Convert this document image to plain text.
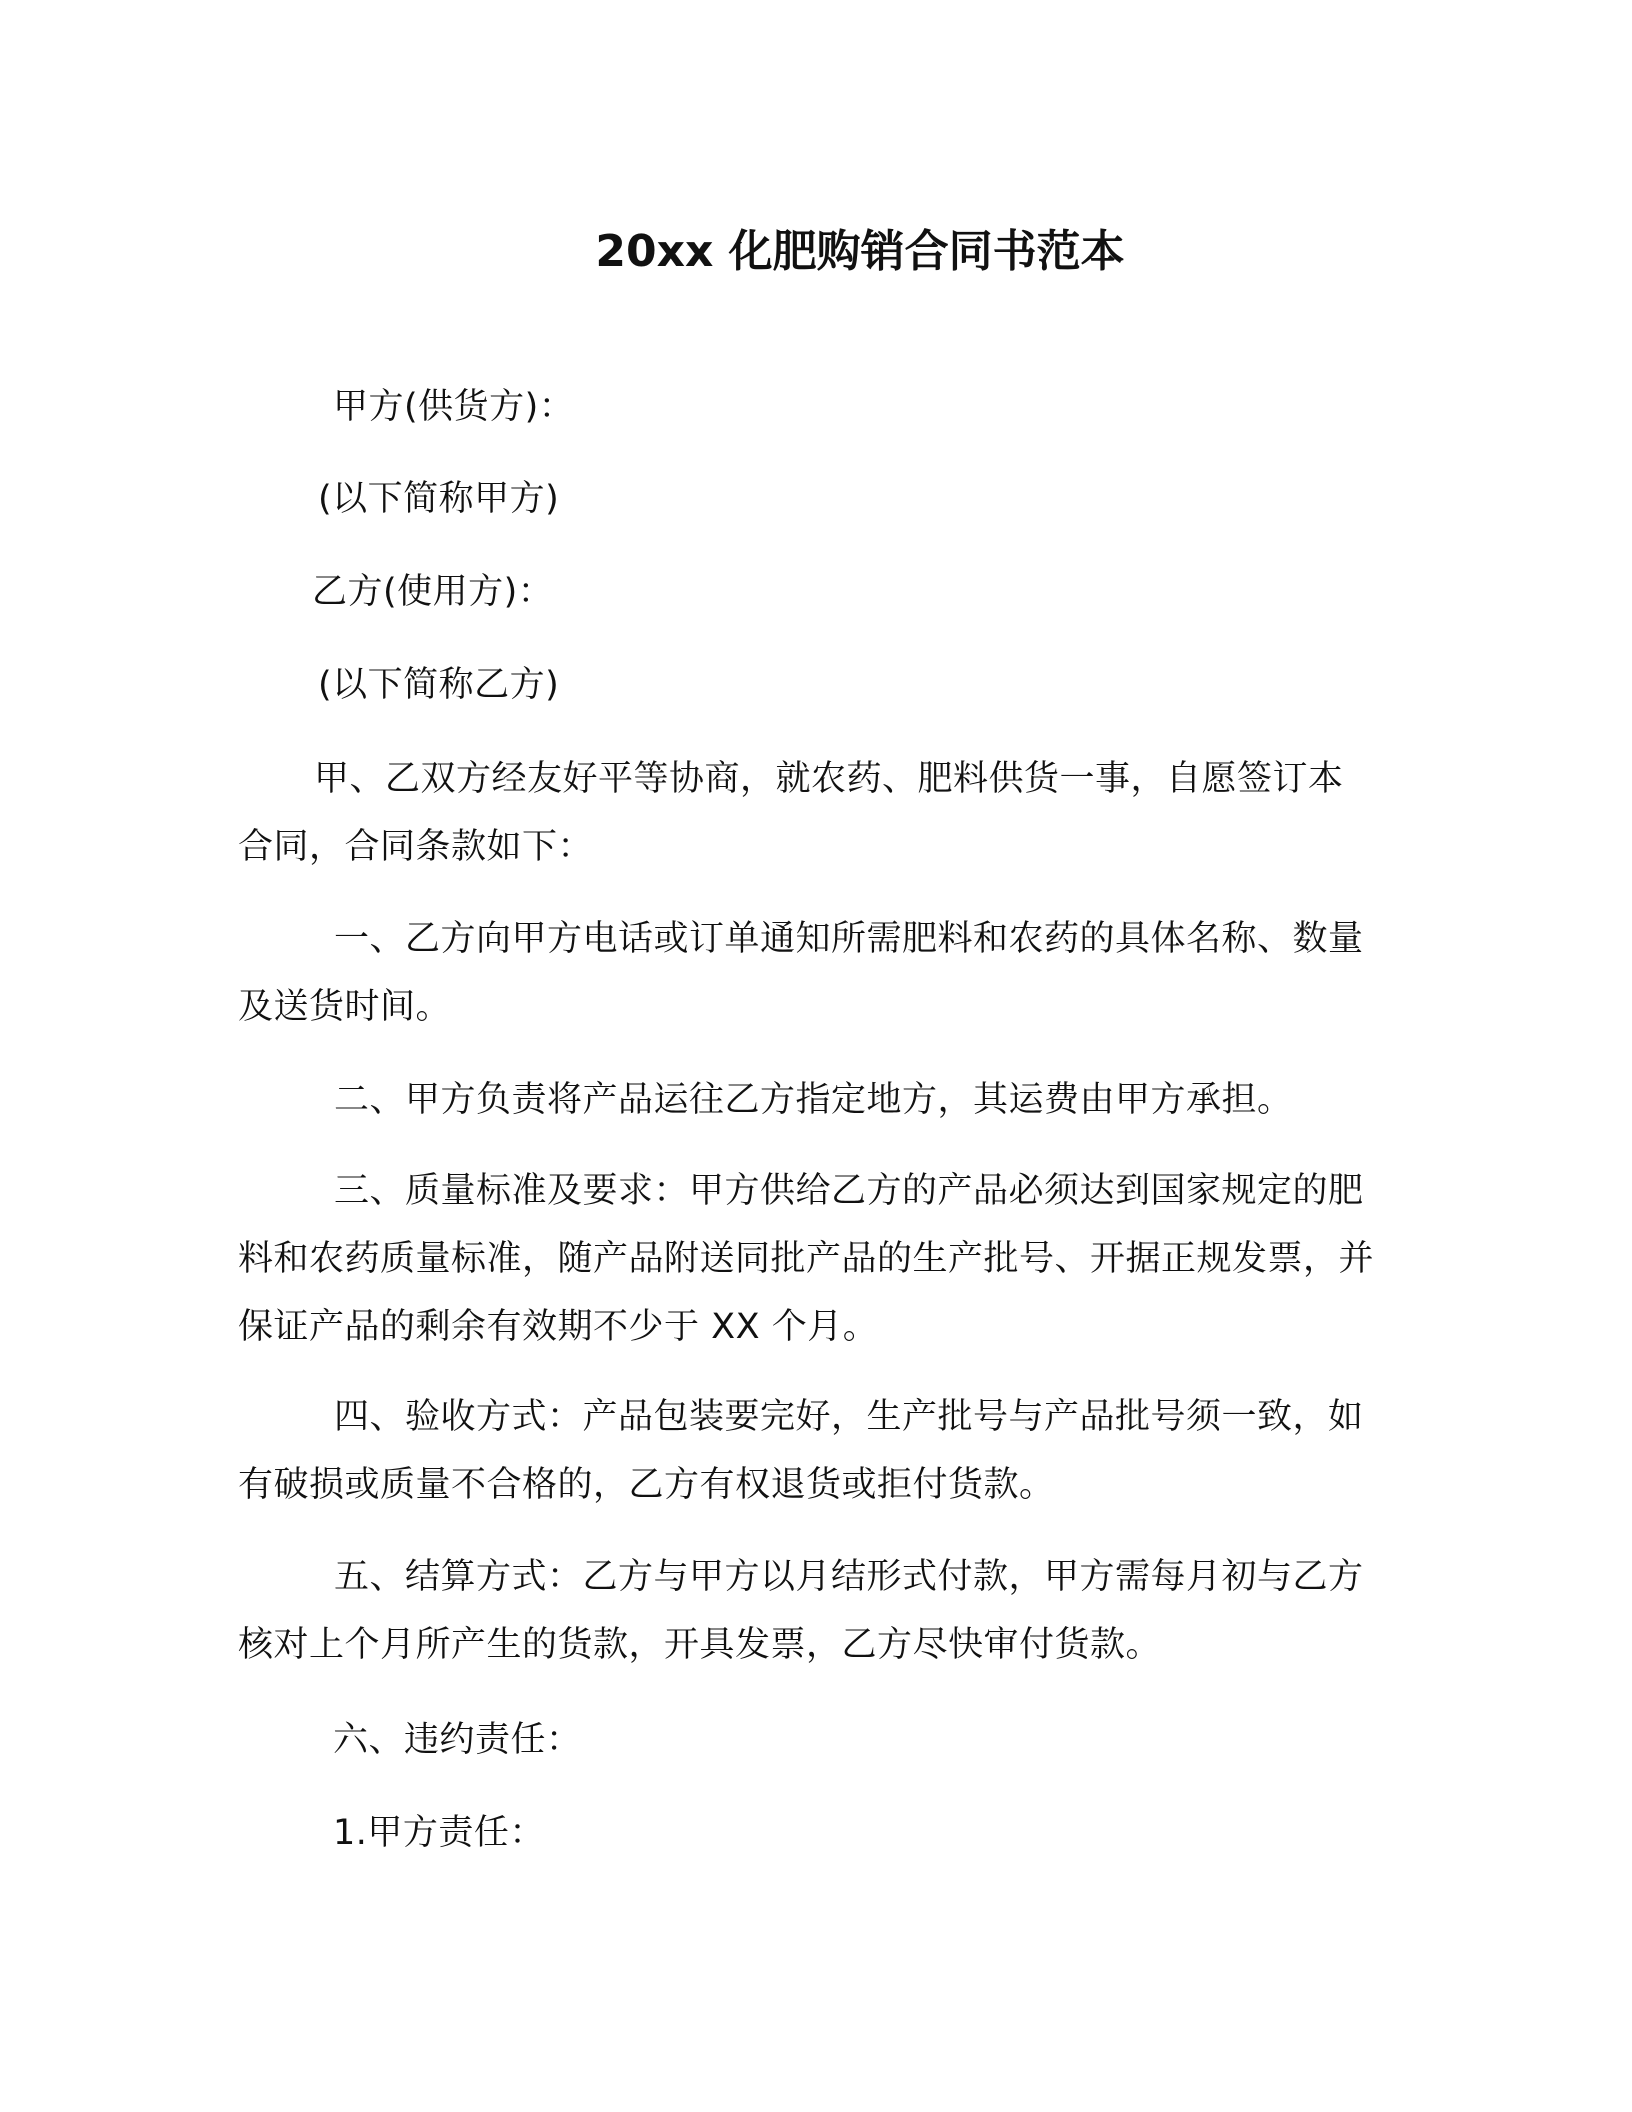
20xx 化肥购销合同书范本
甲方(供货方)：
(以下简称甲方)
乙方(使用方)：
(以下简称乙方)
甲、乙双方经友好平等协商，就农药、肥料供货一事，自愿签订本合同，合同条款如下：
一、乙方向甲方电话或订单通知所需肥料和农药的具体名称、数量及送货时间。
二、甲方负责将产品运往乙方指定地方，其运费由甲方承担。
三、质量标准及要求：甲方供给乙方的产品必须达到国家规定的肥料和农药质量标准，随产品附送同批产品的生产批号、开据正规发票，并保证产品的剩余有效期不少于 XX 个月。
四、验收方式：产品包装要完好，生产批号与产品批号须一致，如有破损或质量不合格的，乙方有权退货或拒付货款。
五、结算方式：乙方与甲方以月结形式付款，甲方需每月初与乙方核对上个月所产生的货款，开具发票，乙方尽快审付货款。
六、违约责任：
1.甲方责任：
